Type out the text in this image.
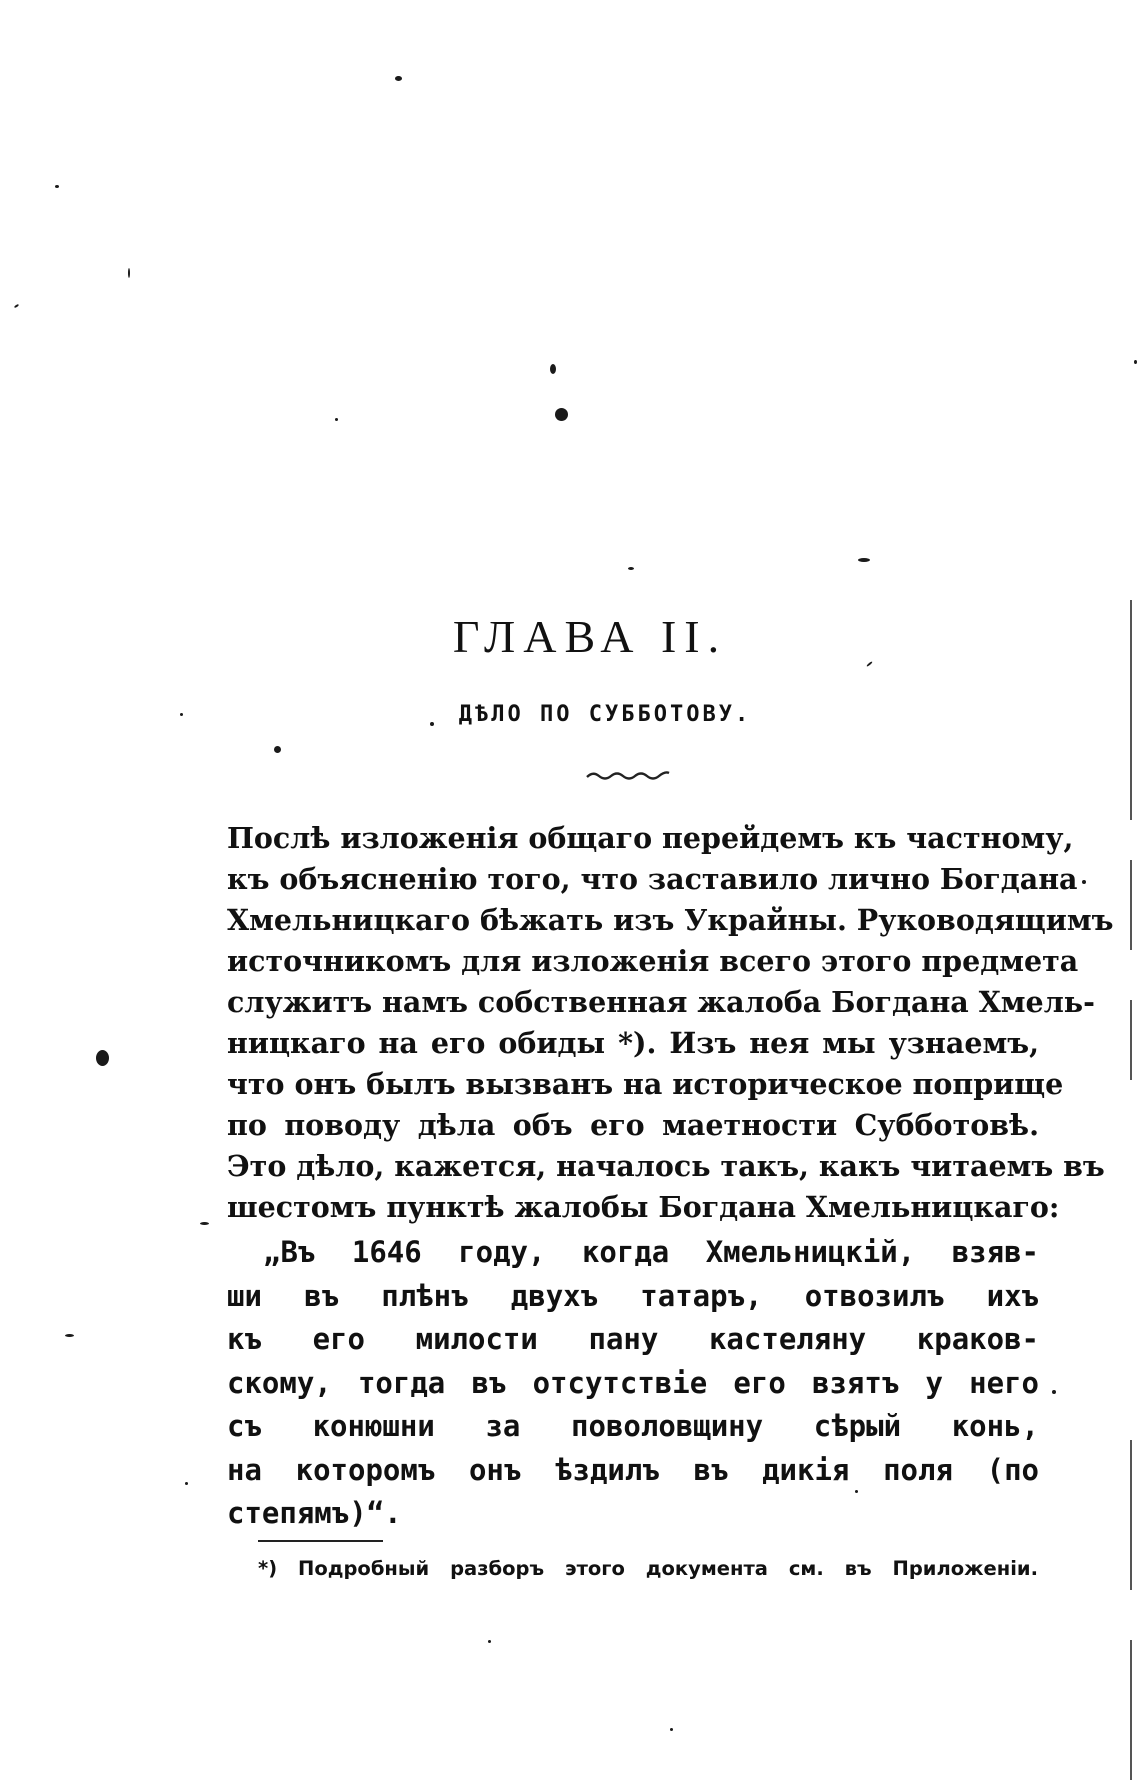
ГЛАВА II.
ДѢЛО ПО СУББОТОВУ.
Послѣ изложенія общаго перейдемъ къ частному,
къ объясненію того, что заставило лично Богдана
Хмельницкаго бѣжать изъ Украйны. Руководящимъ
источникомъ для изложенія всего этого предмета
служитъ намъ собственная жалоба Богдана Хмель-
ницкаго на его обиды *). Изъ нея мы узнаемъ,
что онъ былъ вызванъ на историческое поприще
по поводу дѣла объ его маетности Субботовѣ.
Это дѣло, кажется, началось такъ, какъ читаемъ въ
шестомъ пунктѣ жалобы Богдана Хмельницкаго:
„Въ 1646 году, когда Хмельницкій, взяв-
ши въ плѣнъ двухъ татаръ, отвозилъ ихъ
къ его милости пану кастеляну краков-
скому, тогда въ отсутствіе его взятъ у него
съ конюшни за поволовщину сѣрый конь,
на которомъ онъ ѣздилъ въ дикія поля (по
степямъ)“.
*) Подробный разборъ этого документа см. въ Приложеніи.
